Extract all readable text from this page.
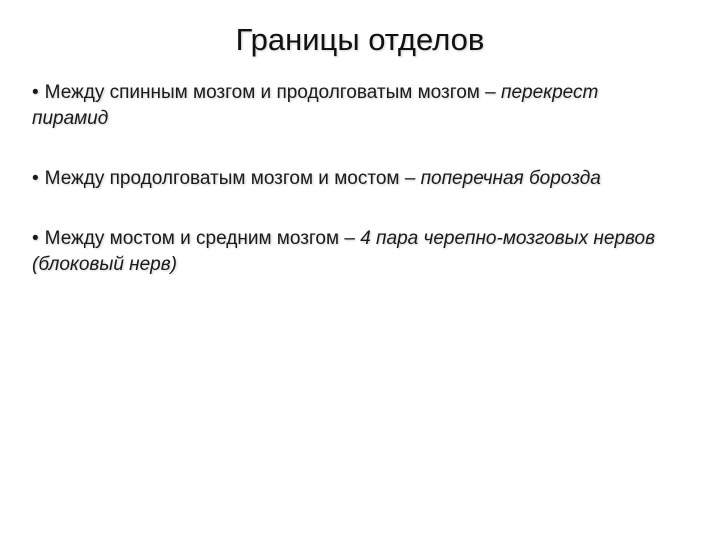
Границы отделов
• Между спинным мозгом и продолговатым мозгом – перекрест пирамид
• Между продолговатым мозгом и мостом – поперечная борозда
• Между мостом и средним мозгом – 4 пара черепно-мозговых нервов (блоковый нерв)
